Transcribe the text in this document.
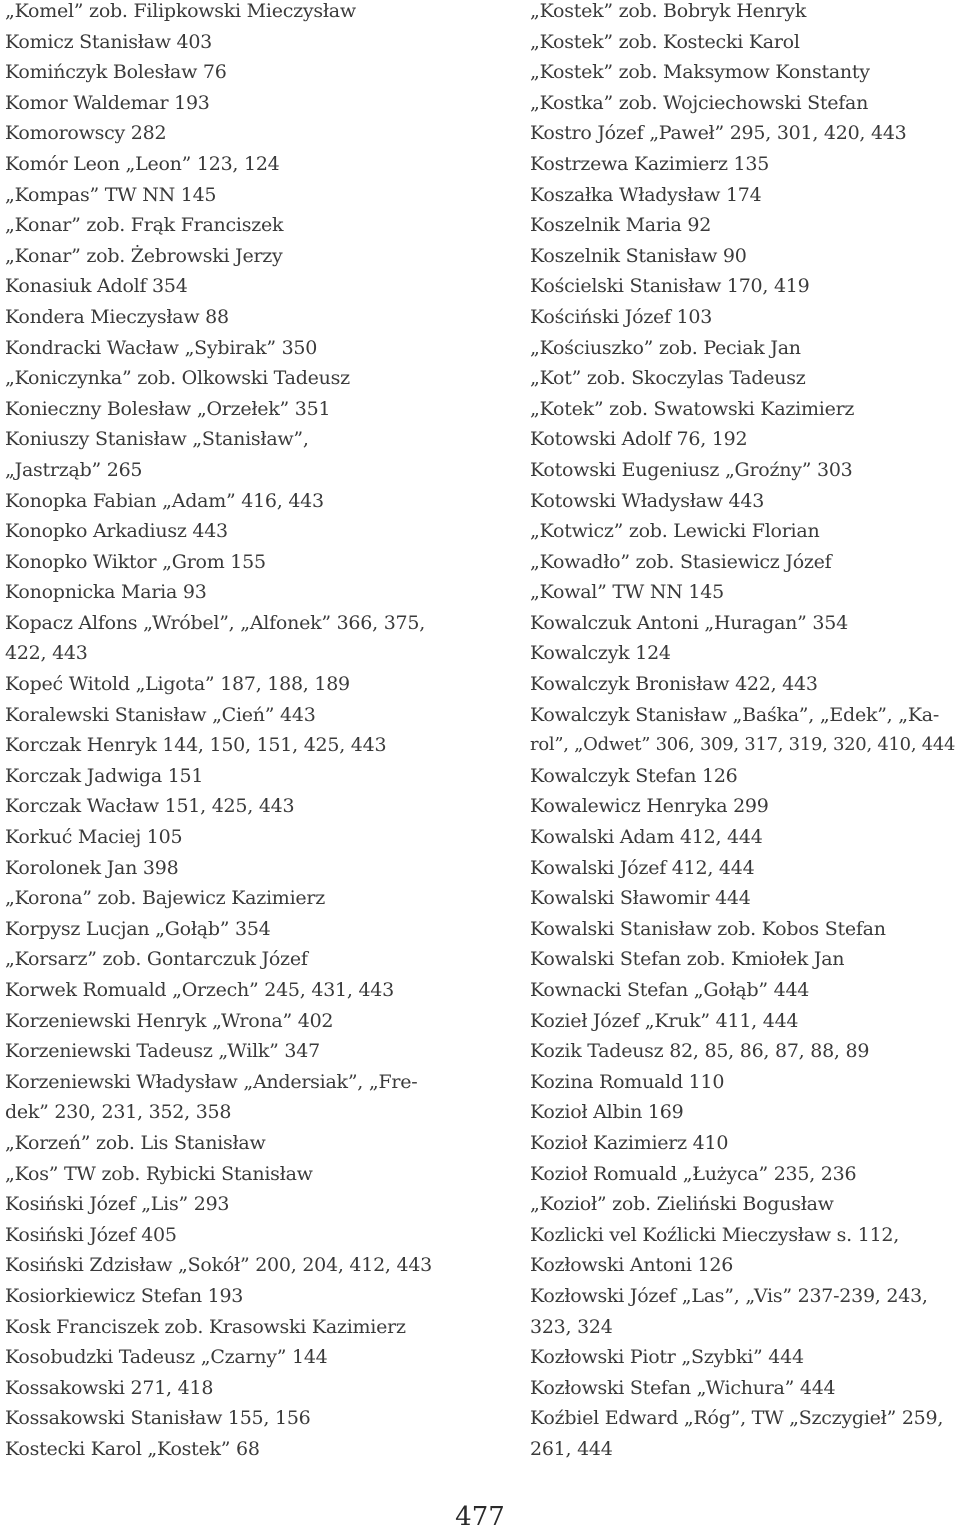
„Komel” zob. Filipkowski Mieczysław
Komicz Stanisław 403
Komińczyk Bolesław 76
Komor Waldemar 193
Komorowscy 282
Komór Leon „Leon” 123, 124
„Kompas” TW NN 145
„Konar” zob. Frąk Franciszek
„Konar” zob. Żebrowski Jerzy
Konasiuk Adolf 354
Kondera Mieczysław 88
Kondracki Wacław „Sybirak” 350
„Koniczynka” zob. Olkowski Tadeusz
Konieczny Bolesław „Orzełek” 351
Koniuszy Stanisław „Stanisław”,
„Jastrząb” 265
Konopka Fabian „Adam” 416, 443
Konopko Arkadiusz 443
Konopko Wiktor „Grom 155
Konopnicka Maria 93
Kopacz Alfons „Wróbel”, „Alfonek” 366, 375,
422, 443
Kopeć Witold „Ligota” 187, 188, 189
Koralewski Stanisław „Cień” 443
Korczak Henryk 144, 150, 151, 425, 443
Korczak Jadwiga 151
Korczak Wacław 151, 425, 443
Korkuć Maciej 105
Korolonek Jan 398
„Korona” zob. Bajewicz Kazimierz
Korpysz Lucjan „Gołąb” 354
„Korsarz” zob. Gontarczuk Józef
Korwek Romuald „Orzech” 245, 431, 443
Korzeniewski Henryk „Wrona” 402
Korzeniewski Tadeusz „Wilk” 347
Korzeniewski Władysław „Andersiak”, „Fre-
dek” 230, 231, 352, 358
„Korzeń” zob. Lis Stanisław
„Kos” TW zob. Rybicki Stanisław
Kosiński Józef „Lis” 293
Kosiński Józef 405
Kosiński Zdzisław „Sokół” 200, 204, 412, 443
Kosiorkiewicz Stefan 193
Kosk Franciszek zob. Krasowski Kazimierz
Kosobudzki Tadeusz „Czarny” 144
Kossakowski 271, 418
Kossakowski Stanisław 155, 156
Kostecki Karol „Kostek” 68
„Kostek” zob. Bobryk Henryk
„Kostek” zob. Kostecki Karol
„Kostek” zob. Maksymow Konstanty
„Kostka” zob. Wojciechowski Stefan
Kostro Józef „Paweł” 295, 301, 420, 443
Kostrzewa Kazimierz 135
Koszałka Władysław 174
Koszelnik Maria 92
Koszelnik Stanisław 90
Kościelski Stanisław 170, 419
Kościński Józef 103
„Kościuszko” zob. Peciak Jan
„Kot” zob. Skoczylas Tadeusz
„Kotek” zob. Swatowski Kazimierz
Kotowski Adolf 76, 192
Kotowski Eugeniusz „Groźny” 303
Kotowski Władysław 443
„Kotwicz” zob. Lewicki Florian
„Kowadło” zob. Stasiewicz Józef
„Kowal” TW NN 145
Kowalczuk Antoni „Huragan” 354
Kowalczyk 124
Kowalczyk Bronisław 422, 443
Kowalczyk Stanisław „Baśka”, „Edek”, „Ka-
rol”, „Odwet” 306, 309, 317, 319, 320, 410, 444
Kowalczyk Stefan 126
Kowalewicz Henryka 299
Kowalski Adam 412, 444
Kowalski Józef 412, 444
Kowalski Sławomir 444
Kowalski Stanisław zob. Kobos Stefan
Kowalski Stefan zob. Kmiołek Jan
Kownacki Stefan „Gołąb” 444
Kozieł Józef „Kruk” 411, 444
Kozik Tadeusz 82, 85, 86, 87, 88, 89
Kozina Romuald 110
Kozioł Albin 169
Kozioł Kazimierz 410
Kozioł Romuald „Łużyca” 235, 236
„Kozioł” zob. Zieliński Bogusław
Kozlicki vel Koźlicki Mieczysław s. 112,
Kozłowski Antoni 126
Kozłowski Józef „Las”, „Vis” 237-239, 243,
323, 324
Kozłowski Piotr „Szybki” 444
Kozłowski Stefan „Wichura” 444
Koźbiel Edward „Róg”, TW „Szczygieł” 259,
261, 444
477
